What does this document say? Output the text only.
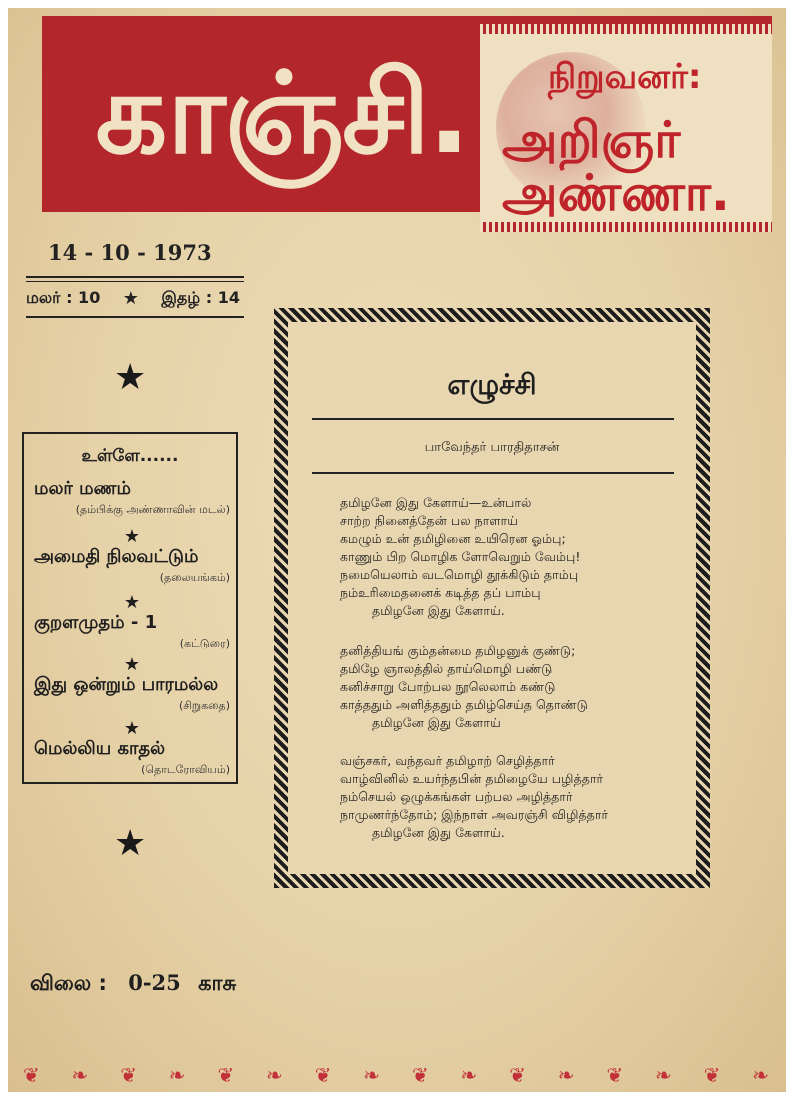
காஞ்சி.	நிறுவனர்:
அறிஞர் அண்ணா.
14 - 10 - 1973
மலர் : 10 ★ இதழ் : 14
★
உள்ளே......
மலர் மணம்
(தம்பிக்கு அண்ணாவின் மடல்)
★
அமைதி நிலவட்டும்
(தலையங்கம்)
★
குறளமுதம் - 1
(கட்டுரை)
★
இது ஒன்றும் பாரமல்ல
(சிறுகதை)
★
மெல்லிய காதல்
(தொடரோவியம்)
★
விலை : 0-25 காசு
எழுச்சி
பாவேந்தர் பாரதிதாசன்
தமிழனே இது கேளாய்—உன்பால்
சாற்ற நினைத்தேன் பல நாளாய்
கமழும் உன் தமிழினை உயிரென ஓம்பு;
காணும் பிற மொழிக ளோவெறும் வேம்பு!
நமையெலாம் வடமொழி தூக்கிடும் தாம்பு
நம்உரிமைதனைக் கடித்த தப் பாம்பு
தமிழனே இது கேளாய்.
தனித்தியங் கும்தன்மை தமிழனுக் குண்டு;
தமிழே ஞாலத்தில் தாய்மொழி பண்டு
கனிச்சாறு போற்பல நூலெலாம் கண்டு
காத்ததும் அளித்ததும் தமிழ்செய்த தொண்டு
தமிழனே இது கேளாய்
வஞ்சகர், வந்தவர் தமிழாற் செழித்தார்
வாழ்வினில் உயர்ந்தபின் தமிழையே பழித்தார்
நம்செயல் ஒழுக்கங்கள் பற்பல அழித்தார்
நாமுணர்ந்தோம்; இந்நாள் அவரஞ்சி விழித்தார்
தமிழனே இது கேளாய்.
❦ ❧ ❦ ❧ ❦ ❧ ❦ ❧ ❦ ❧ ❦ ❧ ❦ ❧ ❦ ❧
